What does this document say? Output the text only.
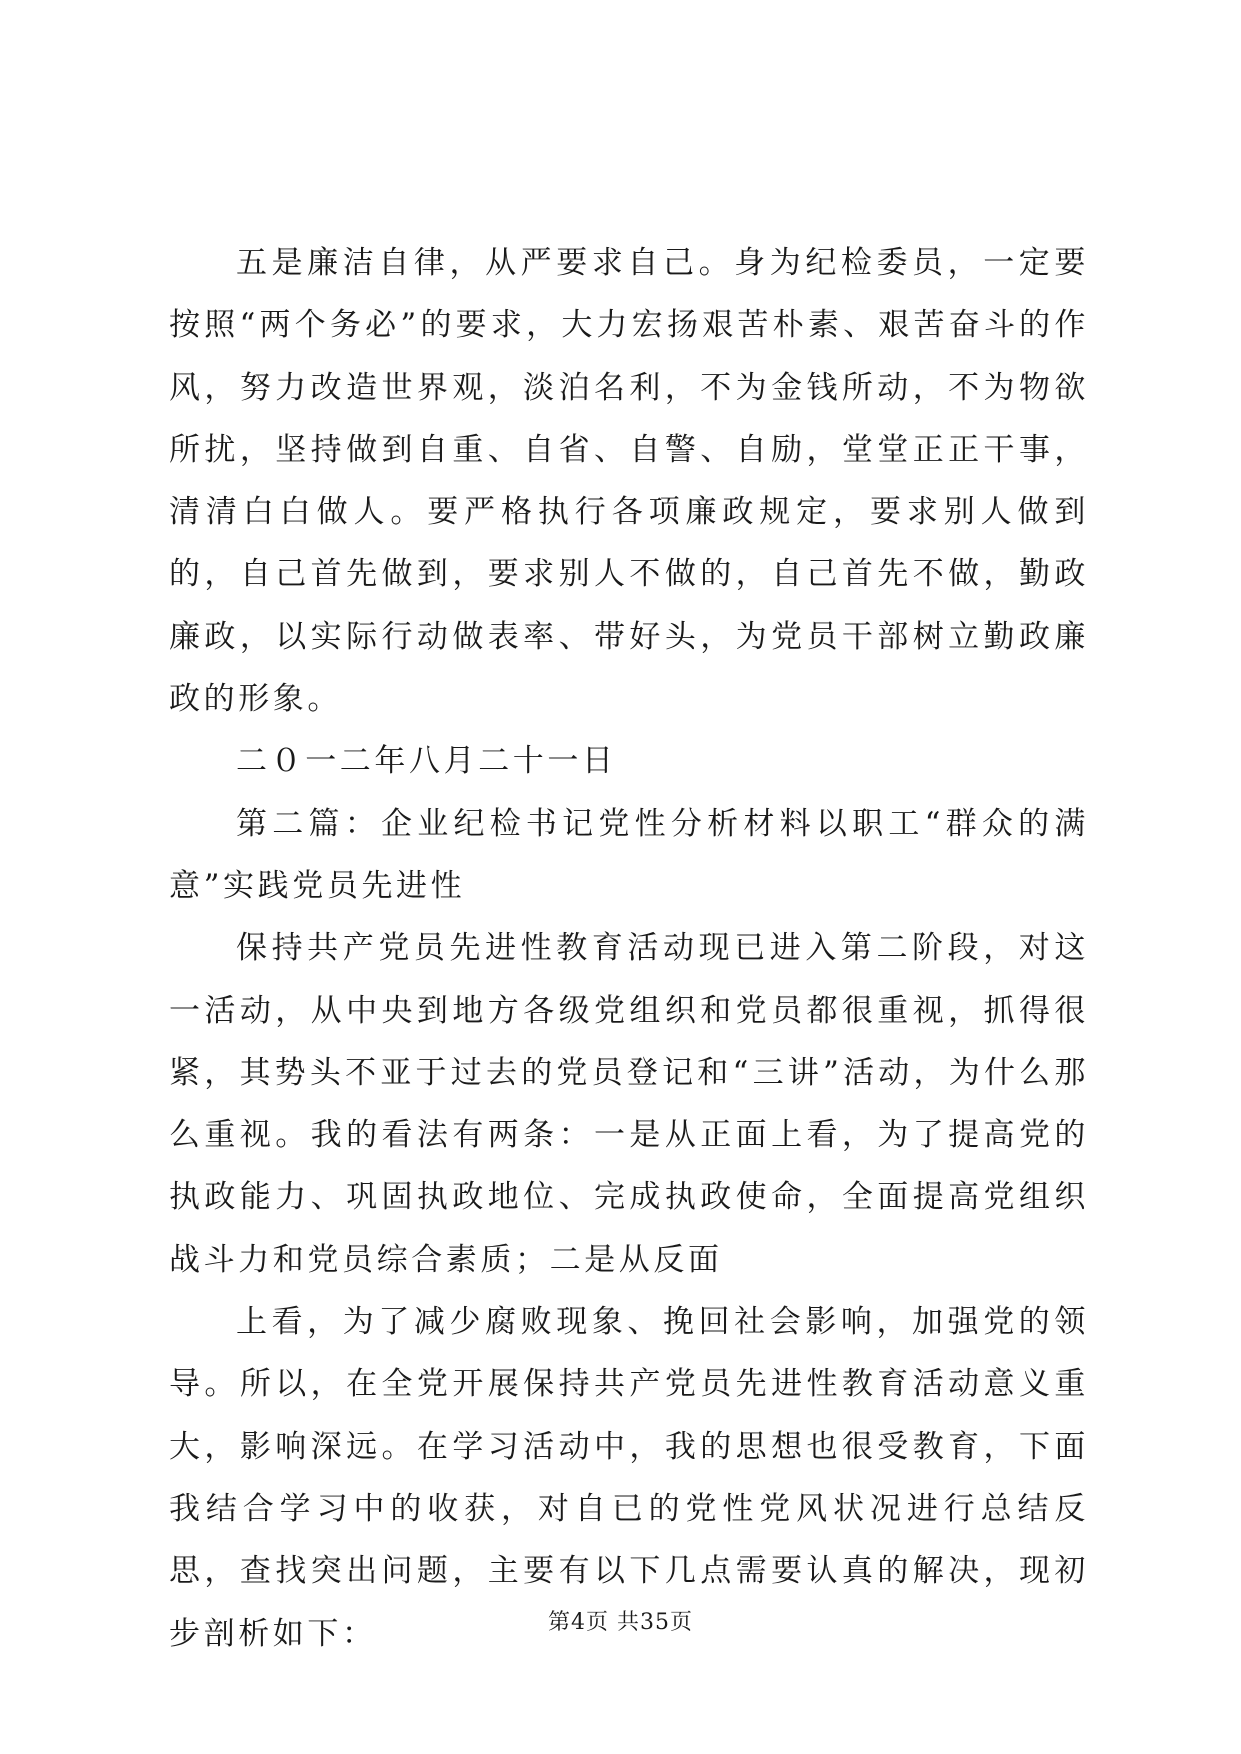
五是廉洁自律，从严要求自己。身为纪检委员，一定要按照“两个务必”的要求，大力宏扬艰苦朴素、艰苦奋斗的作风，努力改造世界观，淡泊名利，不为金钱所动，不为物欲所扰，坚持做到自重、自省、自警、自励，堂堂正正干事，清清白白做人。要严格执行各项廉政规定，要求别人做到的，自己首先做到，要求别人不做的，自己首先不做，勤政廉政，以实际行动做表率、带好头，为党员干部树立勤政廉政的形象。

二０一二年八月二十一日

第二篇：企业纪检书记党性分析材料以职工“群众的满意”实践党员先进性

保持共产党员先进性教育活动现已进入第二阶段，对这一活动，从中央到地方各级党组织和党员都很重视，抓得很紧，其势头不亚于过去的党员登记和“三讲”活动，为什么那么重视。我的看法有两条：一是从正面上看，为了提高党的执政能力、巩固执政地位、完成执政使命，全面提高党组织战斗力和党员综合素质；二是从反面

上看，为了减少腐败现象、挽回社会影响，加强党的领导。所以，在全党开展保持共产党员先进性教育活动意义重大，影响深远。在学习活动中，我的思想也很受教育，下面我结合学习中的收获，对自已的党性党风状况进行总结反思，查找突出问题，主要有以下几点需要认真的解决，现初步剖析如下：	第4页 共35页
